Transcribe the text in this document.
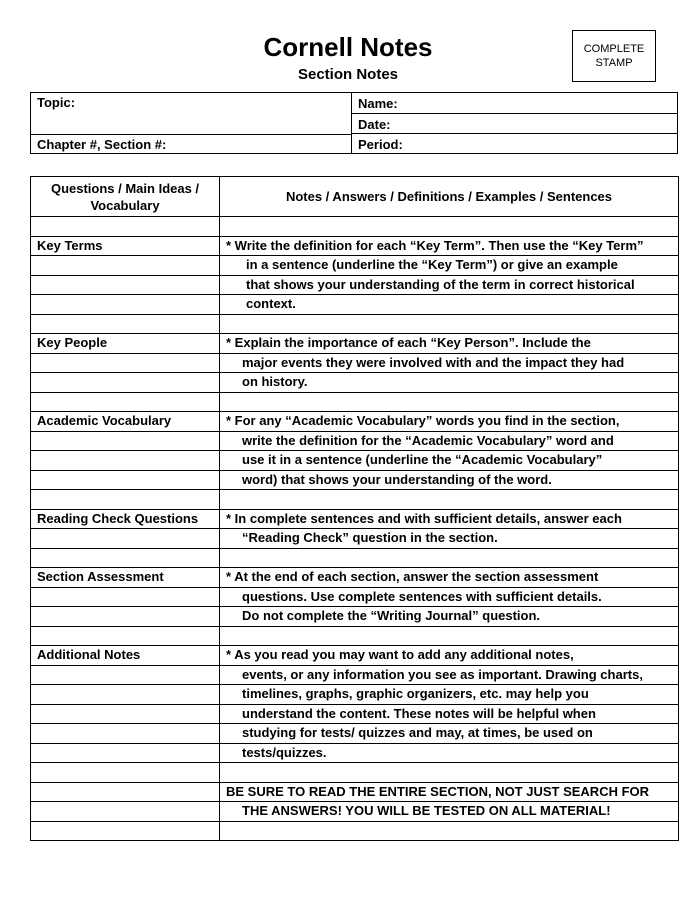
Cornell Notes
Section Notes
COMPLETE
STAMP
Topic:	Name:
Date:
Chapter #, Section #:	Period:
Questions / Main Ideas / Vocabulary	Notes / Answers / Definitions / Examples / Sentences

Key Terms	* Write the definition for each “Key Term”. Then use the “Key Term”
	in a sentence (underline the “Key Term”) or give an example
	that shows your understanding of the term in correct historical
	context.

Key People	* Explain the importance of each “Key Person”. Include the
	major events they were involved with and the impact they had
	on history.

Academic Vocabulary	* For any “Academic Vocabulary” words you find in the section,
	write the definition for the “Academic Vocabulary” word and
	use it in a sentence (underline the “Academic Vocabulary”
	word) that shows your understanding of the word.

Reading Check Questions	* In complete sentences and with sufficient details, answer each
	“Reading Check” question in the section.

Section Assessment	* At the end of each section, answer the section assessment
	questions. Use complete sentences with sufficient details.
	Do not complete the “Writing Journal” question.

Additional Notes	* As you read you may want to add any additional notes,
	events, or any information you see as important. Drawing charts,
	timelines, graphs, graphic organizers, etc. may help you
	understand the content. These notes will be helpful when
	studying for tests/ quizzes and may, at times, be used on
	tests/quizzes.

	BE SURE TO READ THE ENTIRE SECTION, NOT JUST SEARCH FOR
	THE ANSWERS! YOU WILL BE TESTED ON ALL MATERIAL!
